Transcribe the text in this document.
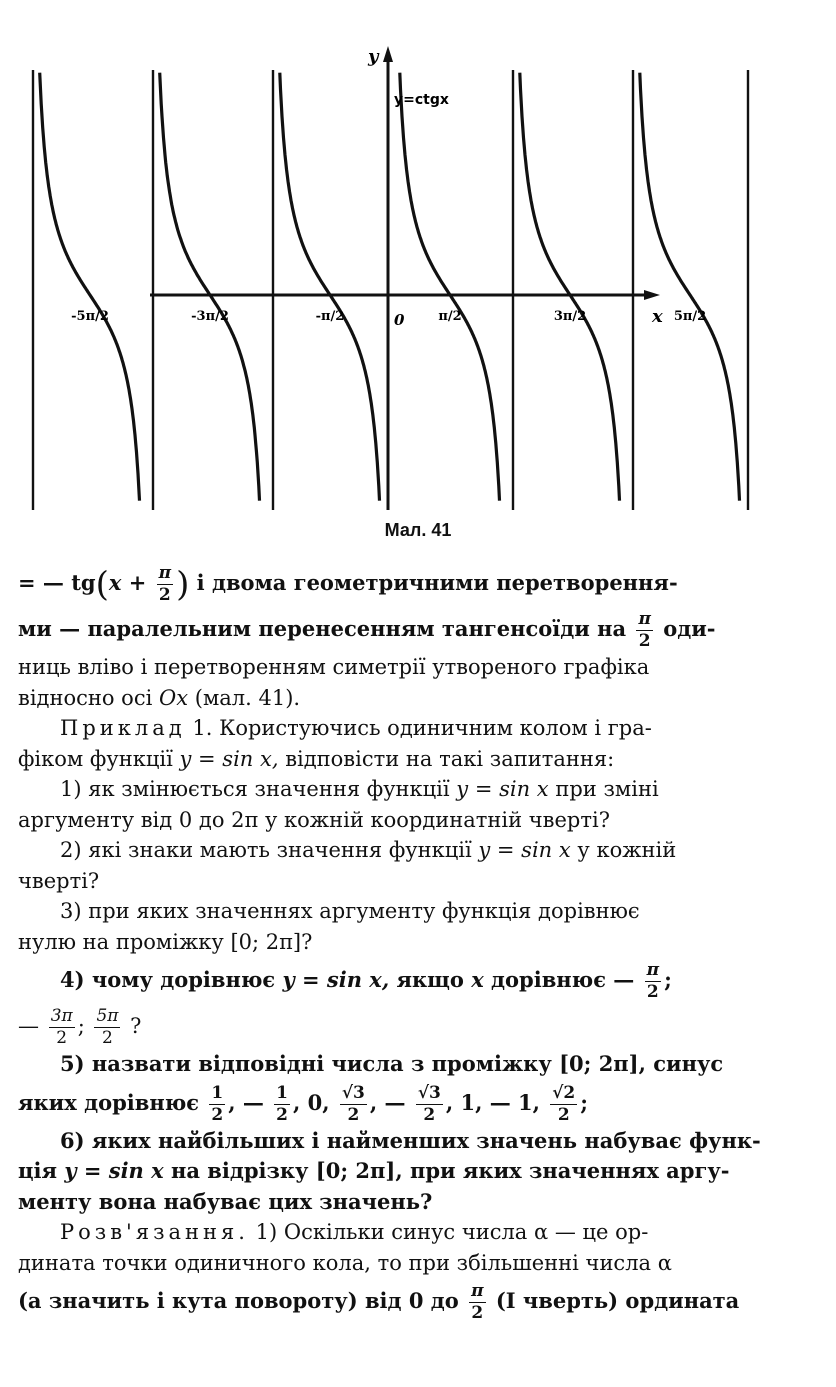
y
x
y=ctgx
0
-5π/2	-3π/2	-π/2	π/2	3π/2	5π/2
Мал. 41
= — $tg(x + \frac{\pi}{2}$ ) і двома геометричними перетворення-
ми — паралельним перенесенням тангенсоїди на $\frac{\pi}{2} оди-$
ниць вліво і перетворенням симетрії утвореного графіка
відносно осі Ox (мал. 41).
Приклад 1. Користуючись одиничним колом і гра-
фіком функції y = sin x, відповісти на такі запитання:
1) як змінюється значення функції y = sin x при зміні
аргументу від 0 до 2π у кожній координатній чверті?
2) які знаки мають значення функції y = sin x у кожній
чверті?
3) при яких значеннях аргументу функція дорівнює
нулю на проміжку [0; 2π]?
4) чому дорівнює y = sin x, якщо x дорівнює — $\frac{\pi}{2}$ ;
— $\frac{3\pi}{2}$ ; $\frac{5\pi}{2}$ ?
5) назвати відповідні числа з проміжку [0; 2π], синус
яких дорівнює $\frac{1}{2}$ , — $\frac{1}{2}$ , 0, $\frac{√3}{2}$ , — $\frac{√3}{2}$ , 1, — 1, $\frac{√2}{2}$ ;
6) яких найбільших і найменших значень набуває функ-
ція y = sin x на відрізку [0; 2π], при яких значеннях аргу-
менту вона набуває цих значень?
Розв'язання. 1) Оскільки синус числа α — це ор-
дината точки одиничного кола, то при збільшенні числа α
(а значить і кута повороту) від 0 до $\frac{\pi}{2} (І$ чверть) ордината
